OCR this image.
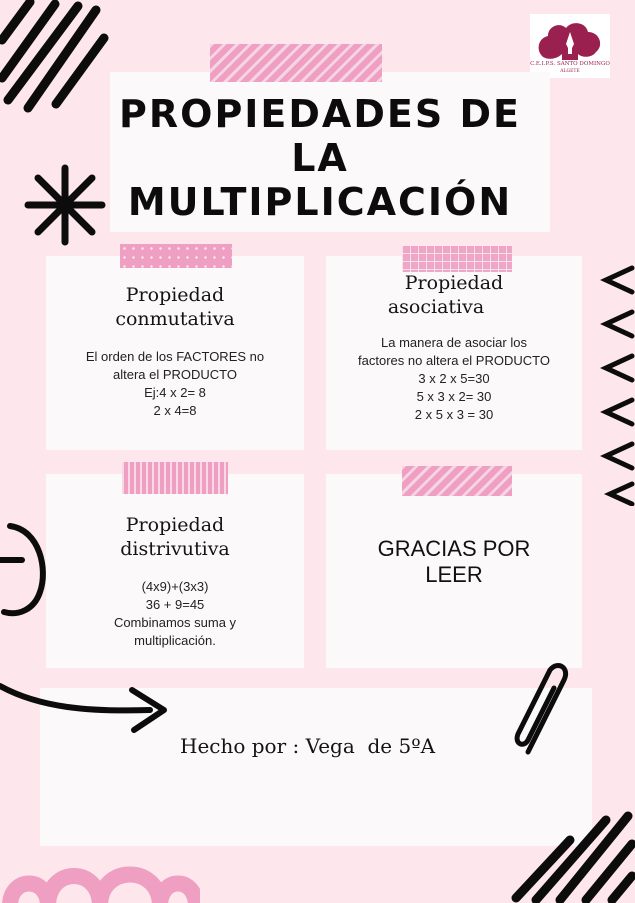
C.E.I.P.S. SANTO DOMINGO
ALGETE
PROPIEDADES DE
LA
MULTIPLICACIÓN
Propiedad
conmutativa
El orden de los FACTORES no
altera el PRODUCTO
Ej:4 x 2= 8
2 x 4=8
Propiedad
asociativa
La manera de asociar los
factores no altera el PRODUCTO
3 x 2 x 5=30
5 x 3 x 2= 30
2 x 5 x 3 = 30
Propiedad
distrivutiva
(4x9)+(3x3)
36 + 9=45
Combinamos suma y
multiplicación.
GRACIAS POR
LEER
Hecho por : Vega  de 5ºA
